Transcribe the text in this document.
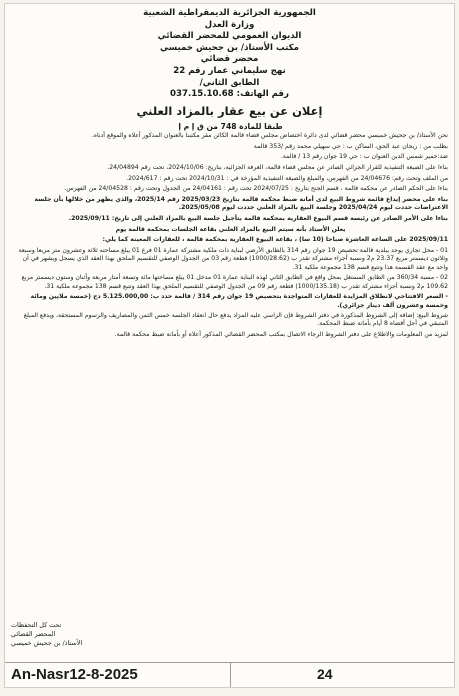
الجمهورية الجزائرية الديمقراطية الشعبية
وزارة العدل
الديوان العمومي للمحضر القضائي
مكتب الأستاذ/ بن جحيش خميسي
محضر قضائي
نهج سليماني عمار رقم 22
الطابق الثاني/
رقم الهاتف: 037.15.10.68
إعلان عن بيع عقار بالمزاد العلني
طبقا للمادة 748 من ق إ م إ
نحن الأستاذ/ بن جحيش خميسي محضر قضائي لدى دائرة اختصاص مجلس قضاء قالمة الكائن مقر مكتبنا بالعنوان المذكور أعلاه والموقع أدناه.
بطلب من : ريحان عبد الحق، الساكن ب : حي سهيلي محمد رقم /353 قالمة
ضد:خمير شمس الدين العنوان ب : حي 19 جوان رقم 13 / قالمة.
بناءا على الصيغة التنفيذية للقرار الجزائي الصادر عن مجلس قضاء قالمة، الغرفة الجزائية، بتاريخ: 2024/10/06، تحت رقم 24/04894.
من الملف وتحت رقم: 24/04676 من الفهرس، والمبلغ والصيغة التنفيذية المؤرخة في : 2024/10/31 تحت رقم : 2024/617.
بناءا على الحكم الصادر عن محكمة قالمة ، قسم الجنح بتاريخ : 2024/07/25 تحت رقم : 24/04161 من الجدول وتحت رقم : 24/04528 من الفهرس.
بناء على محضر إيداع قائمة شروط البيع لدى أمانة ضبط محكمة قالمة بتاريخ 2025/03/23 رقم 2025/14، والذي يظهر من خلالها بأن جلسة الاعتراضات حددت ليوم 2025/04/24 وجلسة البيع بالمزاد العلني حددت ليوم 2025/05/08.
بناءا على الأمر الصادر عن رئيسة قسم البيوع العقارية بمحكمة قالمة بتأجيل جلسة البيع بالمزاد العلني إلى تاريخ: 2025/09/11.
يعلن الأستاذ بأنه سيتم البيع بالمزاد العلني بقاعة الجلسات بمحكمة قالمة يوم
2025/09/11 على الساعة العاشرة صباحا (10 سا) ، بقاعة البيوع العقارية بمحكمة قالمة ، للعقارات المعينة كما يلي:
01 - محل تجاري يوجد ببلدية قالمة تحصيص 19 جوان رقم 314 بالطابق الأرضي لبناية ذات ملكية مشتركة عمارة 01 فرع 01 يبلغ مساحته ثلاثة وعشرون متر مربعا وسبعة وثلاثون ديسمتر مربع 23.37 م2 ونسبة أجزاء مشتركة تقدر ب (1000/28.62) قطعة رقم 03 من الجدول الوصفي للتقسيم الملحق بهذا العقد الذي يسجل ويشهر في آن واحد مع عقد القسمة هذا وتتبع قسم 138 مجموعة ملكية 31.
02 - مسبة 360/34 من الطابق المستغل بمحل واقع في الطابق الثاني لهذه البناية عمارة 01 مدخل 01 يبلغ مساحتها مائة وتسعة أمتار مربعة وأثنان وستون ديسمتر مربع 109.62 م2 ونسبة أجزاء مشتركة تقدر ب (1000/135.18) قطعة رقم 09 من الجدول الوصفي للتقسيم الملحق بهذا العقد وتتبع قسم 138 مجموعة ملكية 31.
- السعر الافتتاحي لانطلاق المزايدة للعقارات المتواجدة بتحصيص 19 جوان رقم 314 / قالمة حدد ب: 5.125.000,00 دج (خمسة ملايين ومائة وخمسة وعشرون ألف دينار جزائري).
شروط البيع: إضافة إلى الشروط المذكورة في دفتر الشروط فإن الراسي عليه المزاد يدفع حال انعقاد الجلسة خمس الثمن والمصاريف والرسوم المستحقة، ويدفع المبلغ المتبقي في أجل أقصاه 8 أيام بأمانة ضبط المحكمة.
لمزيد من المعلومات والاطلاع على دفتر الشروط الرجاء الاتصال بمكتب المحضر القضائي المذكور أعلاه أو بأمانة ضبط محكمة قالمة.
تحت كل التحفظات
المحضر القضائي
الأستاذ/ بن جحيش خميسي
An-Nasr12-8-2025	24
